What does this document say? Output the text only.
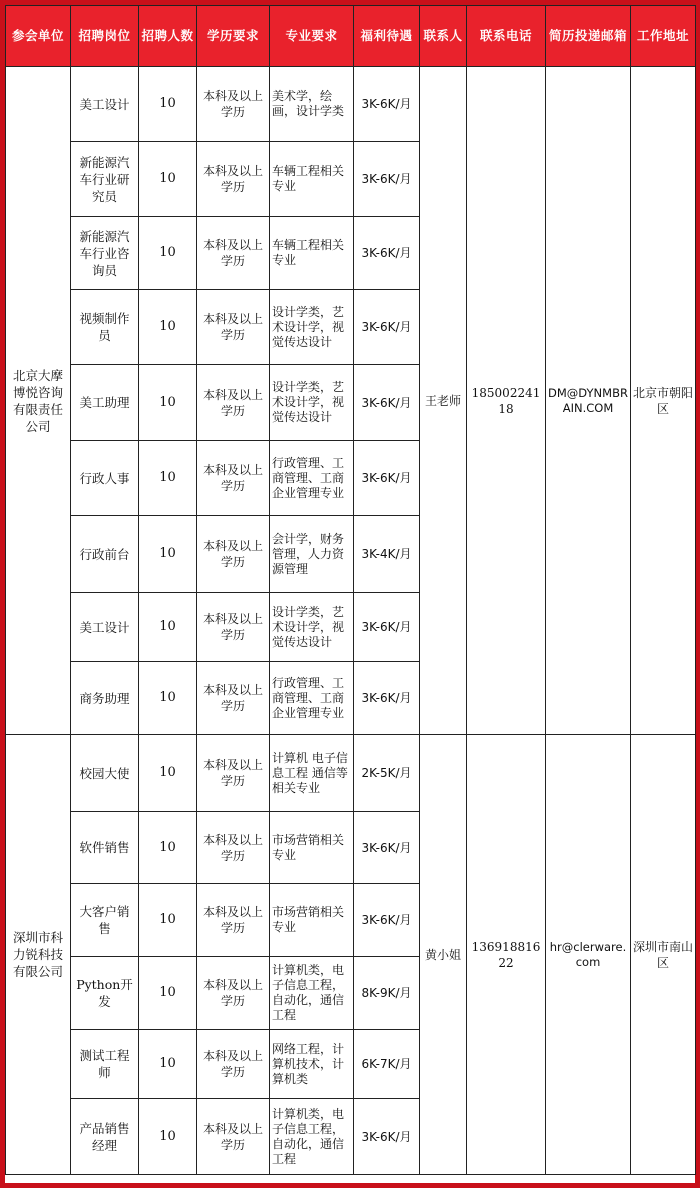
参会单位	招聘岗位	招聘人数	学历要求	专业要求	福利待遇	联系人	联系电话	简历投递邮箱	工作地址
北京大摩博悦咨询有限责任公司	美工设计	10	本科及以上学历	美术学，绘画，设计学类	3K-6K/月	王老师	18500224118	DM@DYNMBRAIN.COM	北京市朝阳区
	新能源汽车行业研究员	10	本科及以上学历	车辆工程相关专业	3K-6K/月				
	新能源汽车行业咨询员	10	本科及以上学历	车辆工程相关专业	3K-6K/月				
	视频制作员	10	本科及以上学历	设计学类，艺术设计学，视觉传达设计	3K-6K/月				
	美工助理	10	本科及以上学历	设计学类，艺术设计学，视觉传达设计	3K-6K/月				
	行政人事	10	本科及以上学历	行政管理、工商管理、工商企业管理专业	3K-6K/月				
	行政前台	10	本科及以上学历	会计学，财务管理，人力资源管理	3K-4K/月				
	美工设计	10	本科及以上学历	设计学类，艺术设计学，视觉传达设计	3K-6K/月				
	商务助理	10	本科及以上学历	行政管理、工商管理、工商企业管理专业	3K-6K/月				
深圳市科力锐科技有限公司	校园大使	10	本科及以上学历	计算机 电子信息工程 通信等相关专业	2K-5K/月	黄小姐	13691881622	hr@clerware.com	深圳市南山区
	软件销售	10	本科及以上学历	市场营销相关专业	3K-6K/月				
	大客户销售	10	本科及以上学历	市场营销相关专业	3K-6K/月				
	Python开发	10	本科及以上学历	计算机类，电子信息工程，自动化，通信工程	8K-9K/月				
	测试工程师	10	本科及以上学历	网络工程，计算机技术，计算机类	6K-7K/月				
	产品销售经理	10	本科及以上学历	计算机类，电子信息工程，自动化，通信工程	3K-6K/月				
